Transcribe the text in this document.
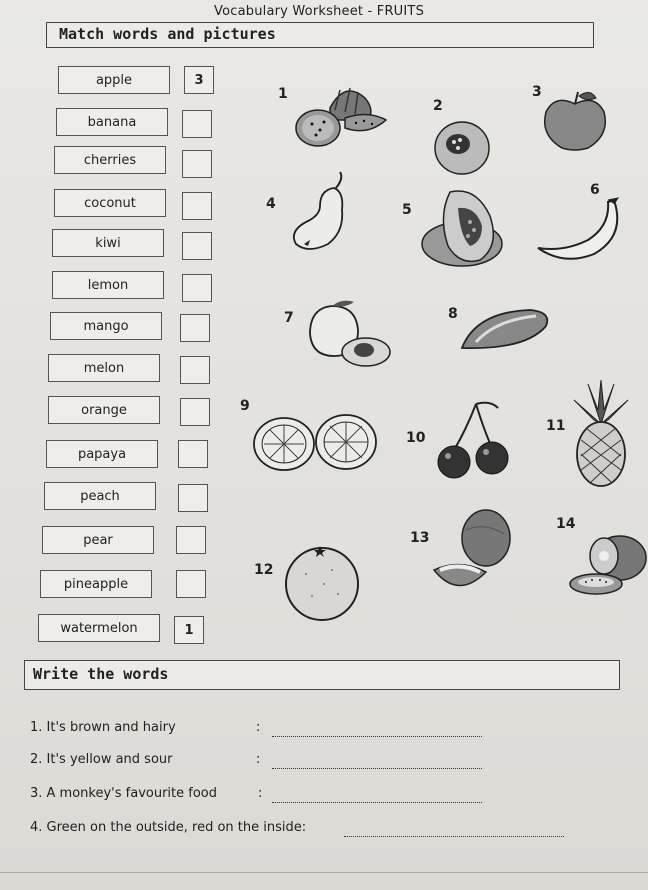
Vocabulary Worksheet - FRUITS
Match words and pictures
apple	3
banana
cherries
coconut
kiwi
lemon
mango
melon
orange
papaya
peach
pear
pineapple
watermelon	1
1
2
3
4	5
6
7	8
9
10
11
12
13
14
Write the words
1. It's brown and hairy	:
2. It's yellow and sour	:
3. A monkey's favourite food	:
4. Green on the outside, red on the inside:
